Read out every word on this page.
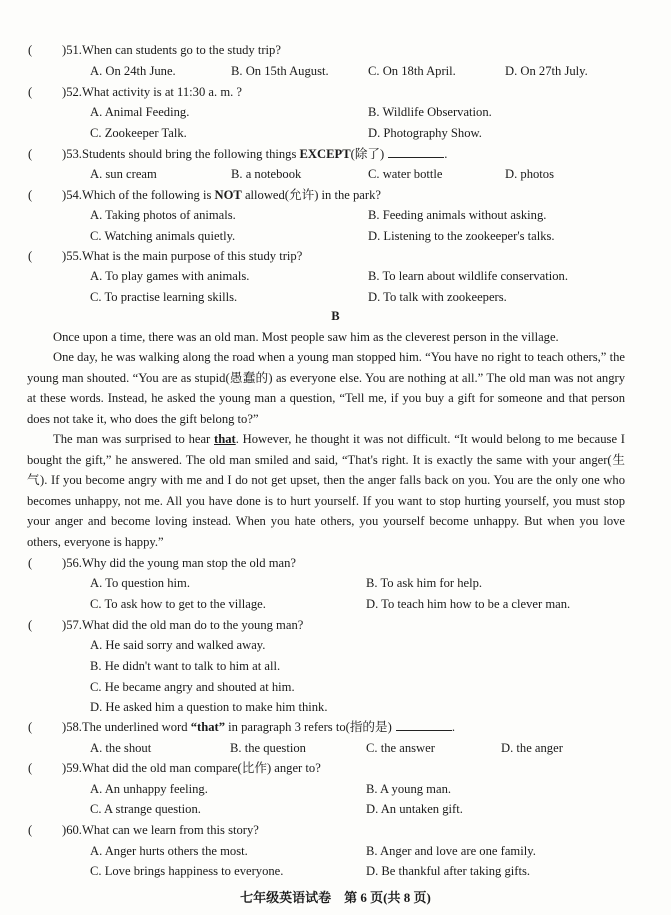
( )51.When can students go to the study trip?
A. On 24th June.	B. On 15th August.	C. On 18th April.	D. On 27th July.
( )52.What activity is at 11:30 a. m. ?
A. Animal Feeding.	B. Wildlife Observation.
C. Zookeeper Talk.	D. Photography Show.
( )53.Students should bring the following things EXCEPT(除了)	.
A. sun cream	B. a notebook	C. water bottle	D. photos
( )54.Which of the following is NOT allowed(允许) in the park?
A. Taking photos of animals.	B. Feeding animals without asking.
C. Watching animals quietly.	D. Listening to the zookeeper's talks.
( )55.What is the main purpose of this study trip?
A. To play games with animals.	B. To learn about wildlife conservation.
C. To practise learning skills.	D. To talk with zookeepers.
B
Once upon a time, there was an old man. Most people saw him as the cleverest person in the village.
One day, he was walking along the road when a young man stopped him. “You have no right to teach others,” the young man shouted. “You are as stupid(愚蠢的) as everyone else. You are nothing at all.” The old man was not angry at these words. Instead, he asked the young man a question, “Tell me, if you buy a gift for someone and that person does not take it, who does the gift belong to?”
The man was surprised to hear that. However, he thought it was not difficult. “It would belong to me because I bought the gift,” he answered. The old man smiled and said, “That's right. It is exactly the same with your anger(生气). If you become angry with me and I do not get upset, then the anger falls back on you. You are the only one who becomes unhappy, not me. All you have done is to hurt yourself. If you want to stop hurting yourself, you must stop your anger and become loving instead. When you hate others, you yourself become unhappy. But when you love others, everyone is happy.”
( )56.Why did the young man stop the old man?
A. To question him.	B. To ask him for help.
C. To ask how to get to the village.	D. To teach him how to be a clever man.
( )57.What did the old man do to the young man?
A. He said sorry and walked away.
B. He didn't want to talk to him at all.
C. He became angry and shouted at him.
D. He asked him a question to make him think.
( )58.The underlined word “that” in paragraph 3 refers to(指的是)	.
A. the shout	B. the question	C. the answer	D. the anger
( )59.What did the old man compare(比作) anger to?
A. An unhappy feeling.	B. A young man.
C. A strange question.	D. An untaken gift.
( )60.What can we learn from this story?
A. Anger hurts others the most.	B. Anger and love are one family.
C. Love brings happiness to everyone.	D. Be thankful after taking gifts.
七年级英语试卷　第 6 页(共 8 页)
